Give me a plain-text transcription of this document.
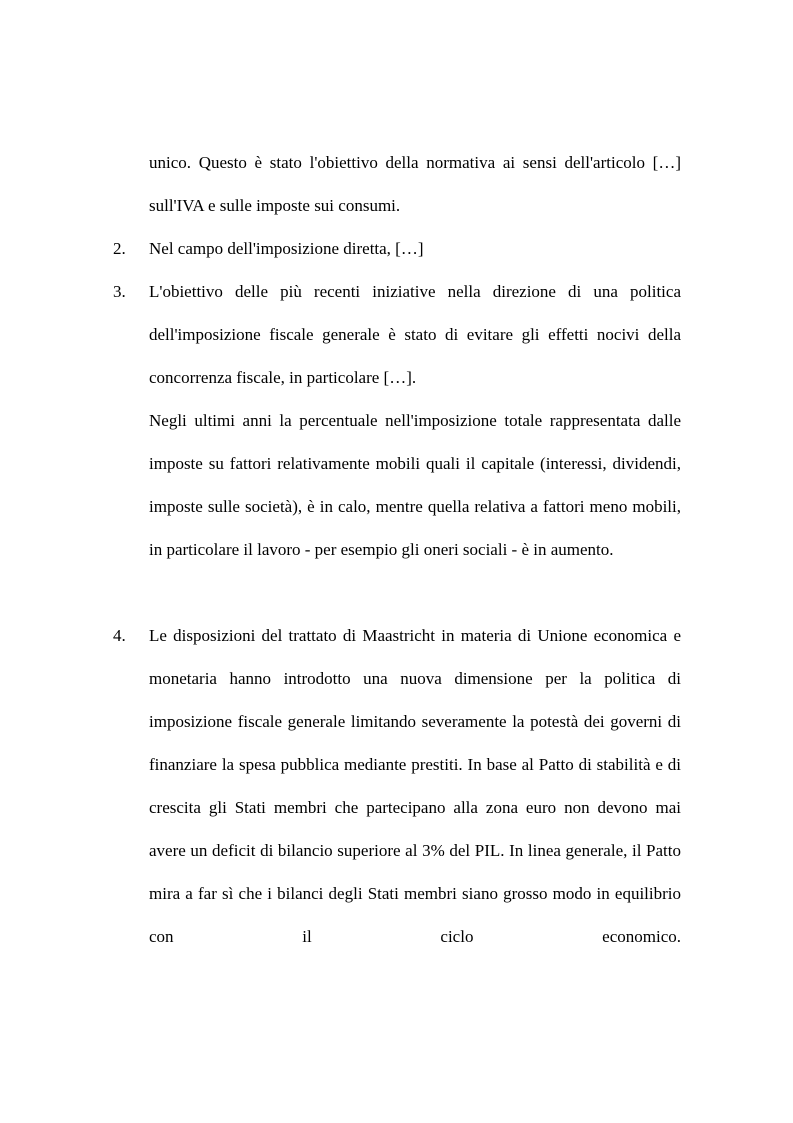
unico. Questo è stato l'obiettivo della normativa ai sensi dell'articolo […] sull'IVA e sulle imposte sui consumi.

2.	Nel campo dell'imposizione diretta, […]

3.	L'obiettivo delle più recenti iniziative nella direzione di una politica dell'imposizione fiscale generale è stato di evitare gli effetti nocivi della concorrenza fiscale, in particolare […].

Negli ultimi anni la percentuale nell'imposizione totale rappresentata dalle imposte su fattori relativamente mobili quali il capitale (interessi, dividendi, imposte sulle società), è in calo, mentre quella relativa a fattori meno mobili, in particolare il lavoro - per esempio gli oneri sociali - è in aumento.

4.	Le disposizioni del trattato di Maastricht in materia di Unione economica e monetaria hanno introdotto una nuova dimensione per la politica di imposizione fiscale generale limitando severamente la potestà dei governi di finanziare la spesa pubblica mediante prestiti. In base al Patto di stabilità e di crescita gli Stati membri che partecipano alla zona euro non devono mai avere un deficit di bilancio superiore al 3% del PIL. In linea generale, il Patto mira a far sì che i bilanci degli Stati membri siano grosso modo in equilibrio con il ciclo economico.
